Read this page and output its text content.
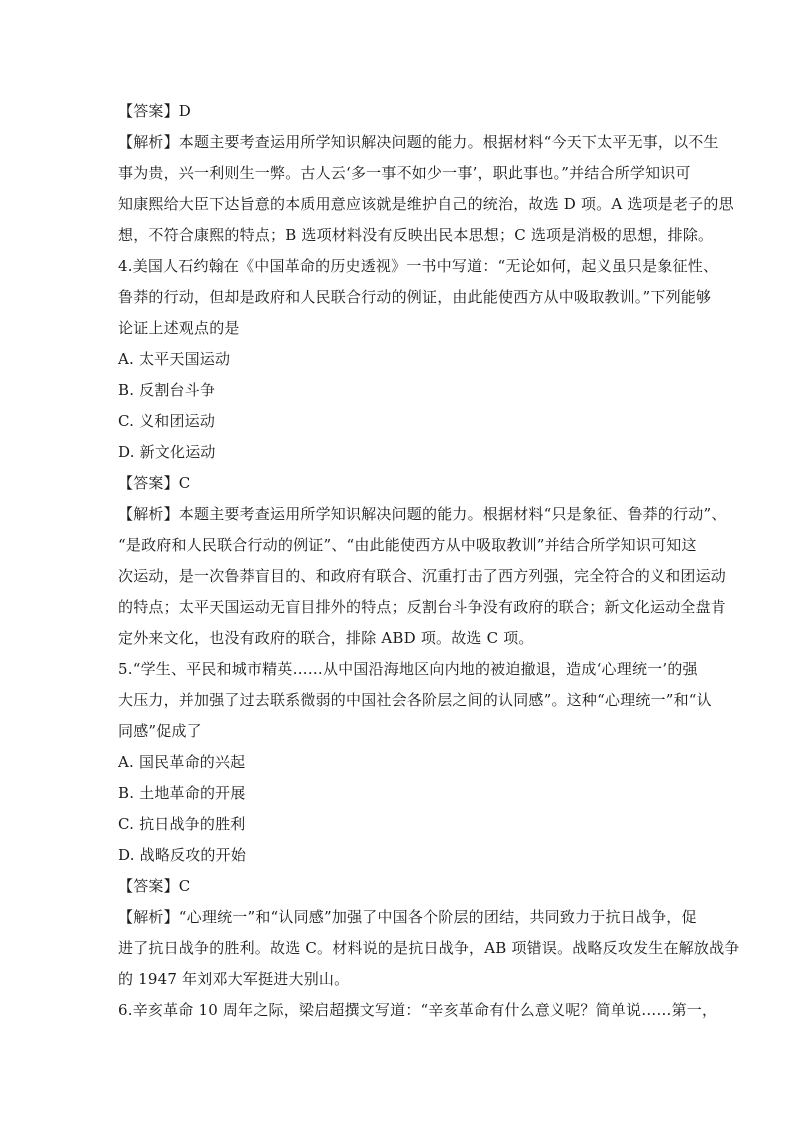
【答案】D
【解析】本题主要考查运用所学知识解决问题的能力。根据材料“今天下太平无事，以不生
事为贵，兴一利则生一弊。古人云‘多一事不如少一事’，职此事也。”并结合所学知识可
知康熙给大臣下达旨意的本质用意应该就是维护自己的统治，故选 D 项。A 选项是老子的思
想，不符合康熙的特点；B 选项材料没有反映出民本思想；C 选项是消极的思想，排除。
4.美国人石约翰在《中国革命的历史透视》一书中写道：“无论如何，起义虽只是象征性、
鲁莽的行动，但却是政府和人民联合行动的例证，由此能使西方从中吸取教训。”下列能够
论证上述观点的是
A. 太平天国运动
B. 反割台斗争
C. 义和团运动
D. 新文化运动
【答案】C
【解析】本题主要考查运用所学知识解决问题的能力。根据材料“只是象征、鲁莽的行动”、
“是政府和人民联合行动的例证”、“由此能使西方从中吸取教训”并结合所学知识可知这
次运动，是一次鲁莽盲目的、和政府有联合、沉重打击了西方列强，完全符合的义和团运动
的特点；太平天国运动无盲目排外的特点；反割台斗争没有政府的联合；新文化运动全盘肯
定外来文化，也没有政府的联合，排除 ABD 项。故选 C 项。
5.“学生、平民和城市精英……从中国沿海地区向内地的被迫撤退，造成‘心理统一’的强
大压力，并加强了过去联系微弱的中国社会各阶层之间的认同感”。这种“心理统一”和“认
同感”促成了
A. 国民革命的兴起
B. 土地革命的开展
C. 抗日战争的胜利
D. 战略反攻的开始
【答案】C
【解析】“心理统一”和“认同感”加强了中国各个阶层的团结，共同致力于抗日战争，促
进了抗日战争的胜利。故选 C。材料说的是抗日战争，AB 项错误。战略反攻发生在解放战争
的 1947 年刘邓大军挺进大别山。
6.辛亥革命 10 周年之际，梁启超撰文写道：“辛亥革命有什么意义呢？简单说……第一，
